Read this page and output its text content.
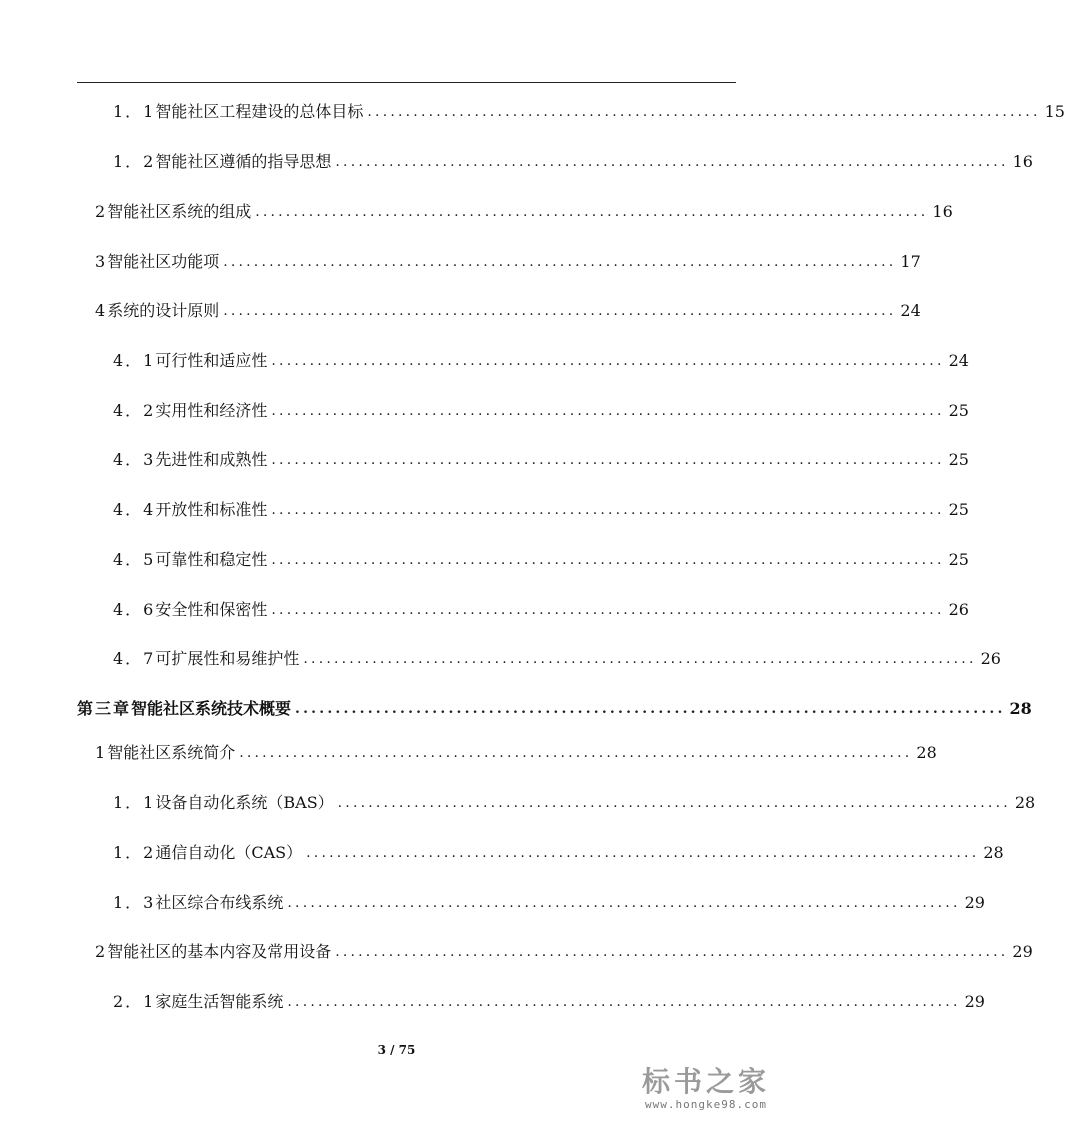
1．1 智能社区工程建设的总体目标 ........................................................................................ 15
1．2 智能社区遵循的指导思想 ........................................................................................ 16
2 智能社区系统的组成 ........................................................................................ 16
3 智能社区功能项 ........................................................................................ 17
4 系统的设计原则 ........................................................................................ 24
4．1 可行性和适应性 ........................................................................................ 24
4．2 实用性和经济性 ........................................................................................ 25
4．3 先进性和成熟性 ........................................................................................ 25
4．4 开放性和标准性 ........................................................................................ 25
4．5 可靠性和稳定性 ........................................................................................ 25
4．6 安全性和保密性 ........................................................................................ 26
4．7 可扩展性和易维护性 ........................................................................................ 26
第三章 智能社区系统技术概要 ........................................................................................ 28
1 智能社区系统简介 ........................................................................................ 28
1．1 设备自动化系统（BAS） ........................................................................................ 28
1．2 通信自动化（CAS） ........................................................................................ 28
1．3 社区综合布线系统 ........................................................................................ 29
2 智能社区的基本内容及常用设备 ........................................................................................ 29
2．1 家庭生活智能系统 ........................................................................................ 29
3 / 75
标书之家
www.hongke98.com
